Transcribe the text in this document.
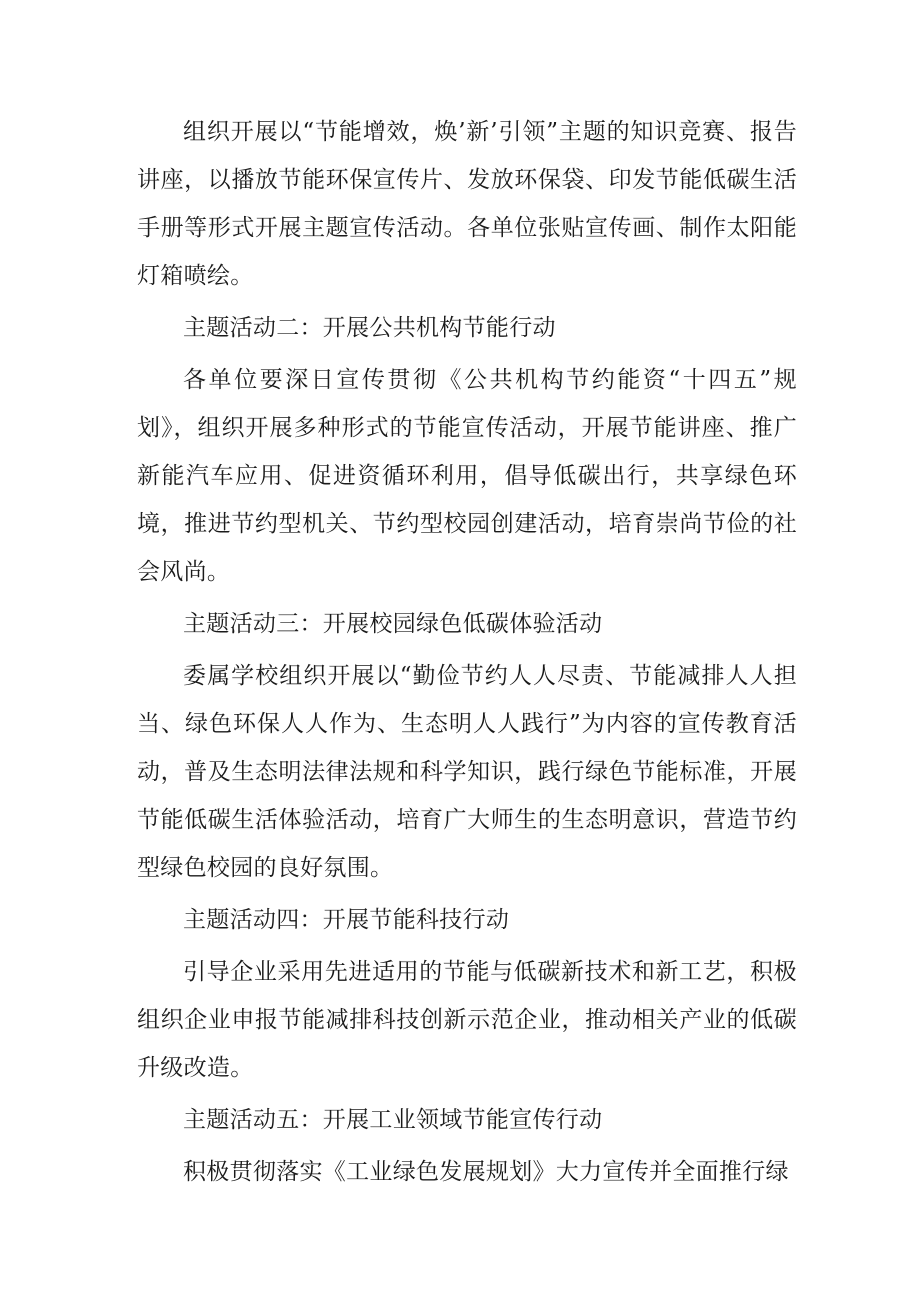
组织开展以“节能增效，焕’新’引领”主题的知识竞赛、报告讲座，以播放节能环保宣传片、发放环保袋、印发节能低碳生活手册等形式开展主题宣传活动。各单位张贴宣传画、制作太阳能灯箱喷绘。

主题活动二：开展公共机构节能行动

各单位要深日宣传贯彻《公共机构节约能资“十四五”规划》，组织开展多种形式的节能宣传活动，开展节能讲座、推广新能汽车应用、促进资循环利用，倡导低碳出行，共享绿色环境，推进节约型机关、节约型校园创建活动，培育崇尚节俭的社会风尚。

主题活动三：开展校园绿色低碳体验活动

委属学校组织开展以“勤俭节约人人尽责、节能减排人人担当、绿色环保人人作为、生态明人人践行”为内容的宣传教育活动，普及生态明法律法规和科学知识，践行绿色节能标准，开展节能低碳生活体验活动，培育广大师生的生态明意识，营造节约型绿色校园的良好氛围。

主题活动四：开展节能科技行动

引导企业采用先进适用的节能与低碳新技术和新工艺，积极组织企业申报节能减排科技创新示范企业，推动相关产业的低碳升级改造。

主题活动五：开展工业领域节能宣传行动

积极贯彻落实《工业绿色发展规划》大力宣传并全面推行绿
